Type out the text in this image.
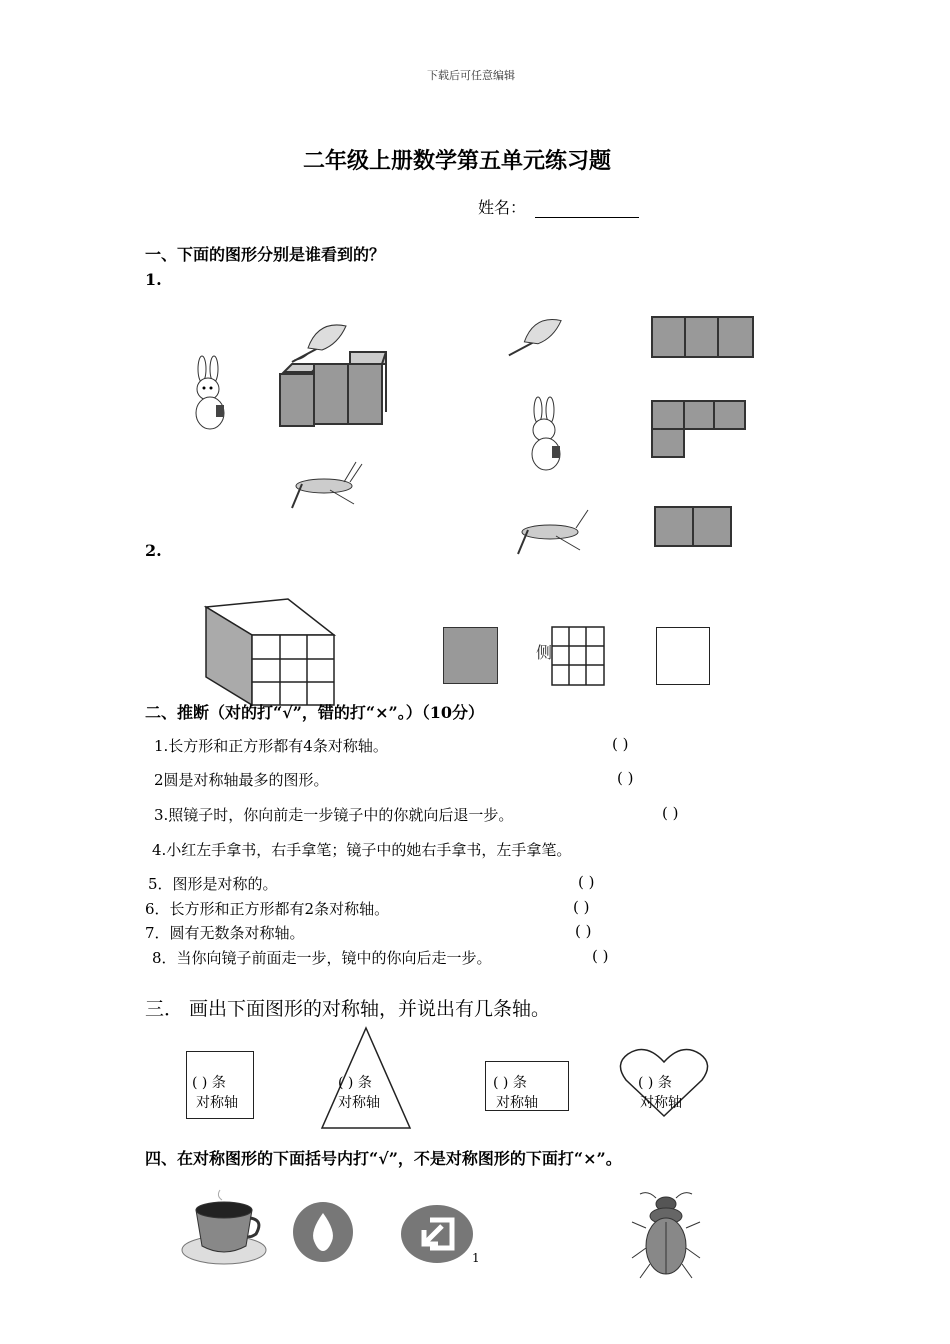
下载后可任意编辑
二年级上册数学第五单元练习题
姓名：
一、下面的图形分别是谁看到的？
1.
2.
侧
二、推断（对的打“√”，错的打“×”。）（10分）
1.长方形和正方形都有4条对称轴。	( )
2圆是对称轴最多的图形。	( )
3.照镜子时，你向前走一步镜子中的你就向后退一步。	( )
4.小红左手拿书，右手拿笔；镜子中的她右手拿书，左手拿笔。
5．图形是对称的。	( )
6．长方形和正方形都有2条对称轴。	( )
7．圆有无数条对称轴。	( )
8．当你向镜子前面走一步，镜中的你向后走一步。	( )
三． 画出下面图形的对称轴，并说出有几条轴。
( ) 条
对称轴
( ) 条
对称轴
( ) 条
对称轴
( ) 条
对称轴
四、在对称图形的下面括号内打“√”，不是对称图形的下面打“×”。
1
